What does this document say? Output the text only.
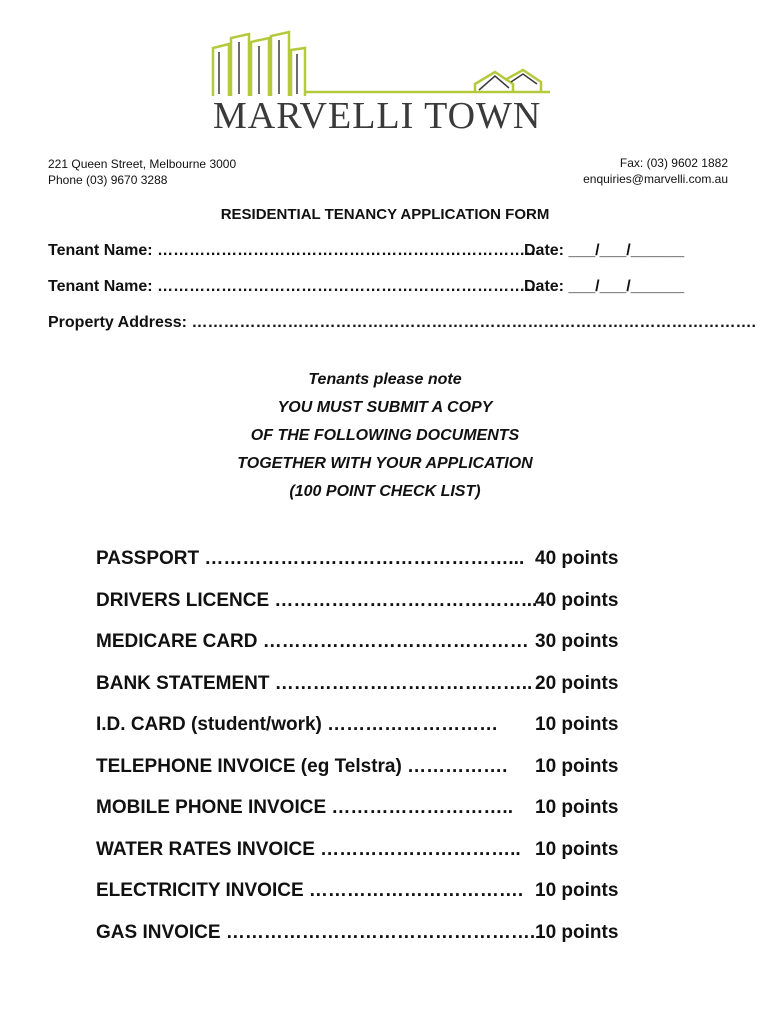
MARVELLI TOWN
221 Queen Street, Melbourne 3000
Phone (03) 9670 3288
Fax: (03) 9602 1882
enquiries@marvelli.com.au
RESIDENTIAL TENANCY APPLICATION FORM
Tenant Name: ………………………………………………………………
Date: ___/___/______
Tenant Name: ………………………………………………………………
Date: ___/___/______
Property Address: …………………………………………………………………………………………….
Tenants please note
YOU MUST SUBMIT A COPY
OF THE FOLLOWING DOCUMENTS
TOGETHER WITH YOUR APPLICATION
(100 POINT CHECK LIST)
PASSPORT …………………………………………... 40 points
DRIVERS LICENCE …………………………………...
40 points
MEDICARE CARD …………………………………… 30 points
BANK STATEMENT ………………………………….. 20 points
I.D. CARD (student/work) ……………………… 10 points
TELEPHONE INVOICE (eg Telstra) ……………. 10 points
MOBILE PHONE INVOICE ……………………….. 10 points
WATER RATES INVOICE ………………………….. 10 points
ELECTRICITY INVOICE ……………………………. 10 points
GAS INVOICE …………………………………………. 10 points
